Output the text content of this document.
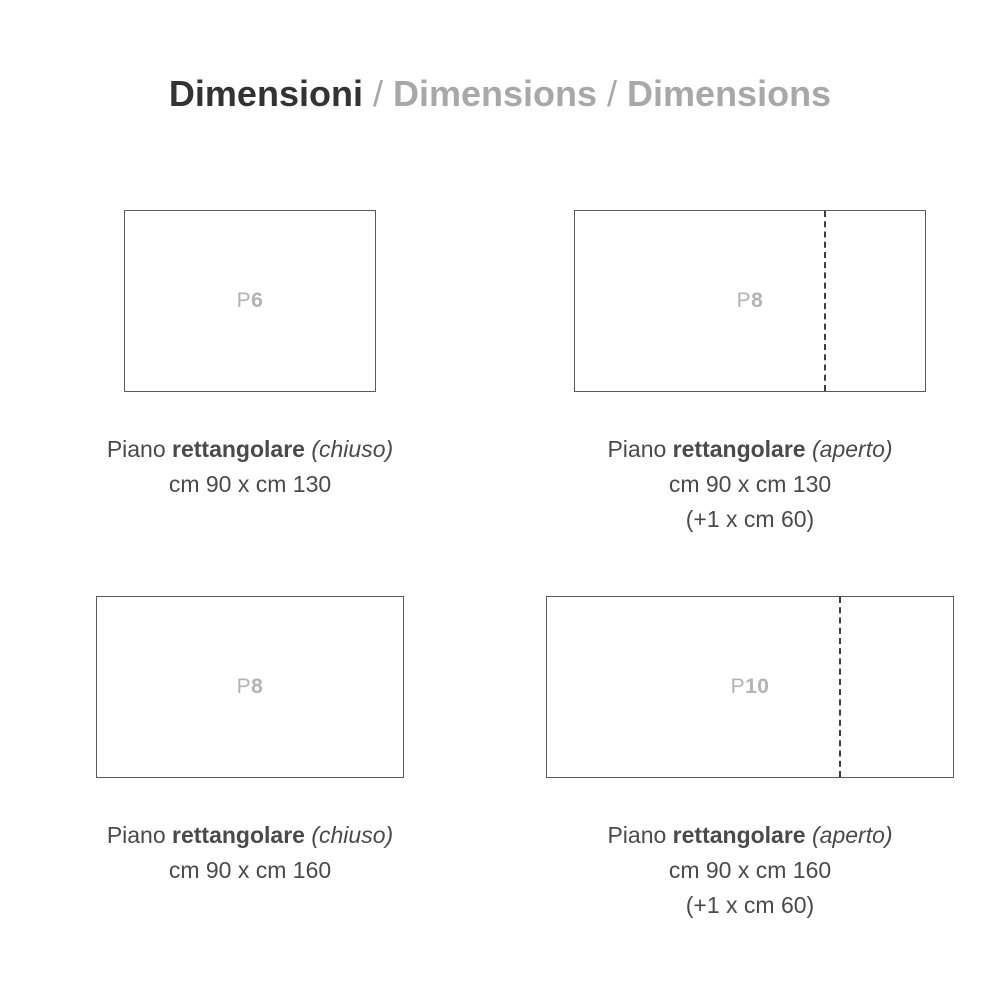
Dimensioni / Dimensions / Dimensions
P6
Piano rettangolare (chiuso)
cm 90 x cm 130
P8
Piano rettangolare (aperto)
cm 90 x cm 130
(+1 x cm 60)
P8
Piano rettangolare (chiuso)
cm 90 x cm 160
P10
Piano rettangolare (aperto)
cm 90 x cm 160
(+1 x cm 60)
